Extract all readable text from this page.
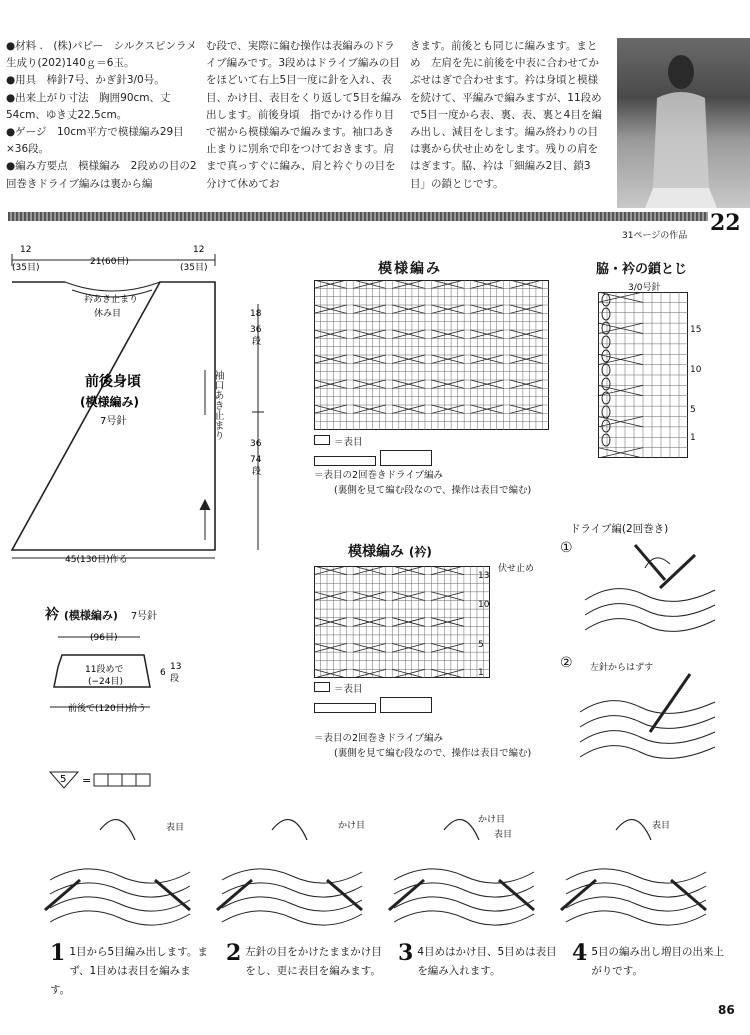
●材料 .　(株)パピー　シルクスピンラメ生成り(202)140ｇ＝6玉。

●用具　棒針7号、かぎ針3/0号。

●出来上がり寸法　胸囲90cm、丈54cm、ゆき丈22.5cm。

●ゲージ　10cm平方で模様編み29目×36段。

●編み方要点　模様編み　2段めの目の2回巻きドライブ編みは裏から編

む段で、実際に編む操作は表編みのドライブ編みです。3段めはドライブ編みの目をほどいて右上5目一度に針を入れ、表目、かけ目、表目をくり返して5目を編み出します。前後身頃　指でかける作り目で裾から模様編みで編みます。袖口あき止まりに別糸で印をつけておきます。肩まで真っすぐに編み、肩と衿ぐりの目を分けて休めてお

きます。前後とも同じに編みます。まとめ　左肩を先に前後を中表に合わせてかぶせはぎで合わせます。衿は身頃と模様を続けて、平編みで編みますが、11段めで5目一度から表、裏、表、裏と4目を編み出し、減目をします。編み終わりの目は裏から伏せ止めをします。残りの肩をはぎます。脇、衿は「細編み2目、鎖3目」の鎖とじです。

31ページの作品 22
12
(35目)
21(60目)
12
(35目)
衿あき止まり
休み目
前後身頃
(模様編み)
7号針
18
36
段
36
74
段
45(130目)作る
袖口あき止まり
衿 (模様編み) 7号針
(96目)
11段めで
(−24目)
6
13
段
前後で(120目)拾う
5 =
模様編み
＝表目
＝表目の2回巻きドライブ編み
(裏側を見て編む段なので、操作は表目で編む)
模様編み (衿)
伏せ止め
13
10
5
1
＝表目
＝表目の2回巻きドライブ編み
(裏側を見て編む段なので、操作は表目で編む)
脇・衿の鎖とじ
3/0号針
15
10
5
1
ドライブ編(2回巻き)
①
② 左針からはずす
1 1目から5目編み出します。まず、1目めは表目を編みます。
2 左針の目をかけたままかけ目をし、更に表目を編みます。
3 4目めはかけ目、5目めは表目を編み入れます。
4 5目の編み出し増目の出来上がりです。
表目	かけ目
かけ目
表目
表目
86
